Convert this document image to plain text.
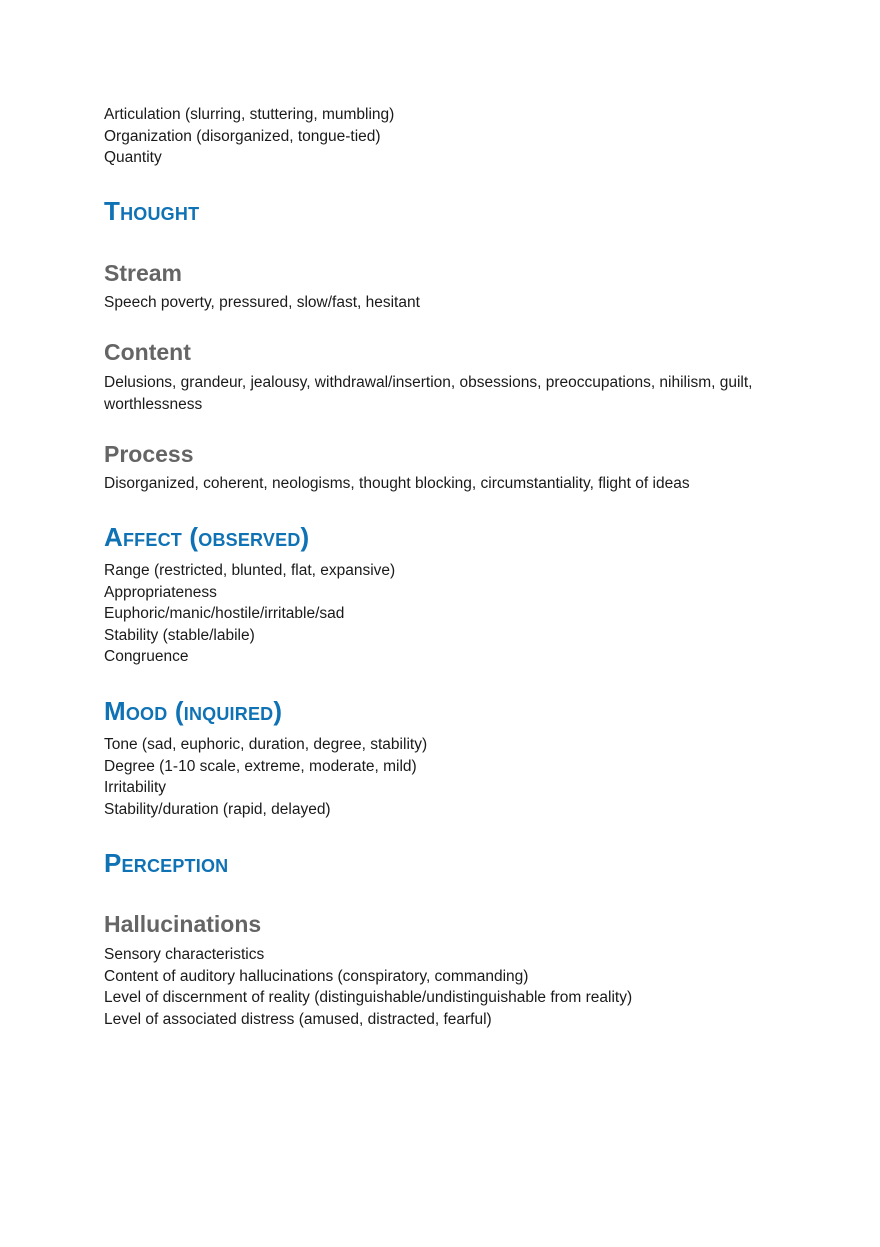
Articulation (slurring, stuttering, mumbling)
Organization (disorganized, tongue-tied)
Quantity
Thought
Stream
Speech poverty, pressured, slow/fast, hesitant
Content
Delusions, grandeur, jealousy, withdrawal/insertion, obsessions, preoccupations, nihilism, guilt, worthlessness
Process
Disorganized, coherent, neologisms, thought blocking, circumstantiality, flight of ideas
Affect (observed)
Range (restricted, blunted, flat, expansive)
Appropriateness
Euphoric/manic/hostile/irritable/sad
Stability (stable/labile)
Congruence
Mood (inquired)
Tone (sad, euphoric, duration, degree, stability)
Degree (1-10 scale, extreme, moderate, mild)
Irritability
Stability/duration (rapid, delayed)
Perception
Hallucinations
Sensory characteristics
Content of auditory hallucinations (conspiratory, commanding)
Level of discernment of reality (distinguishable/undistinguishable from reality)
Level of associated distress (amused, distracted, fearful)
